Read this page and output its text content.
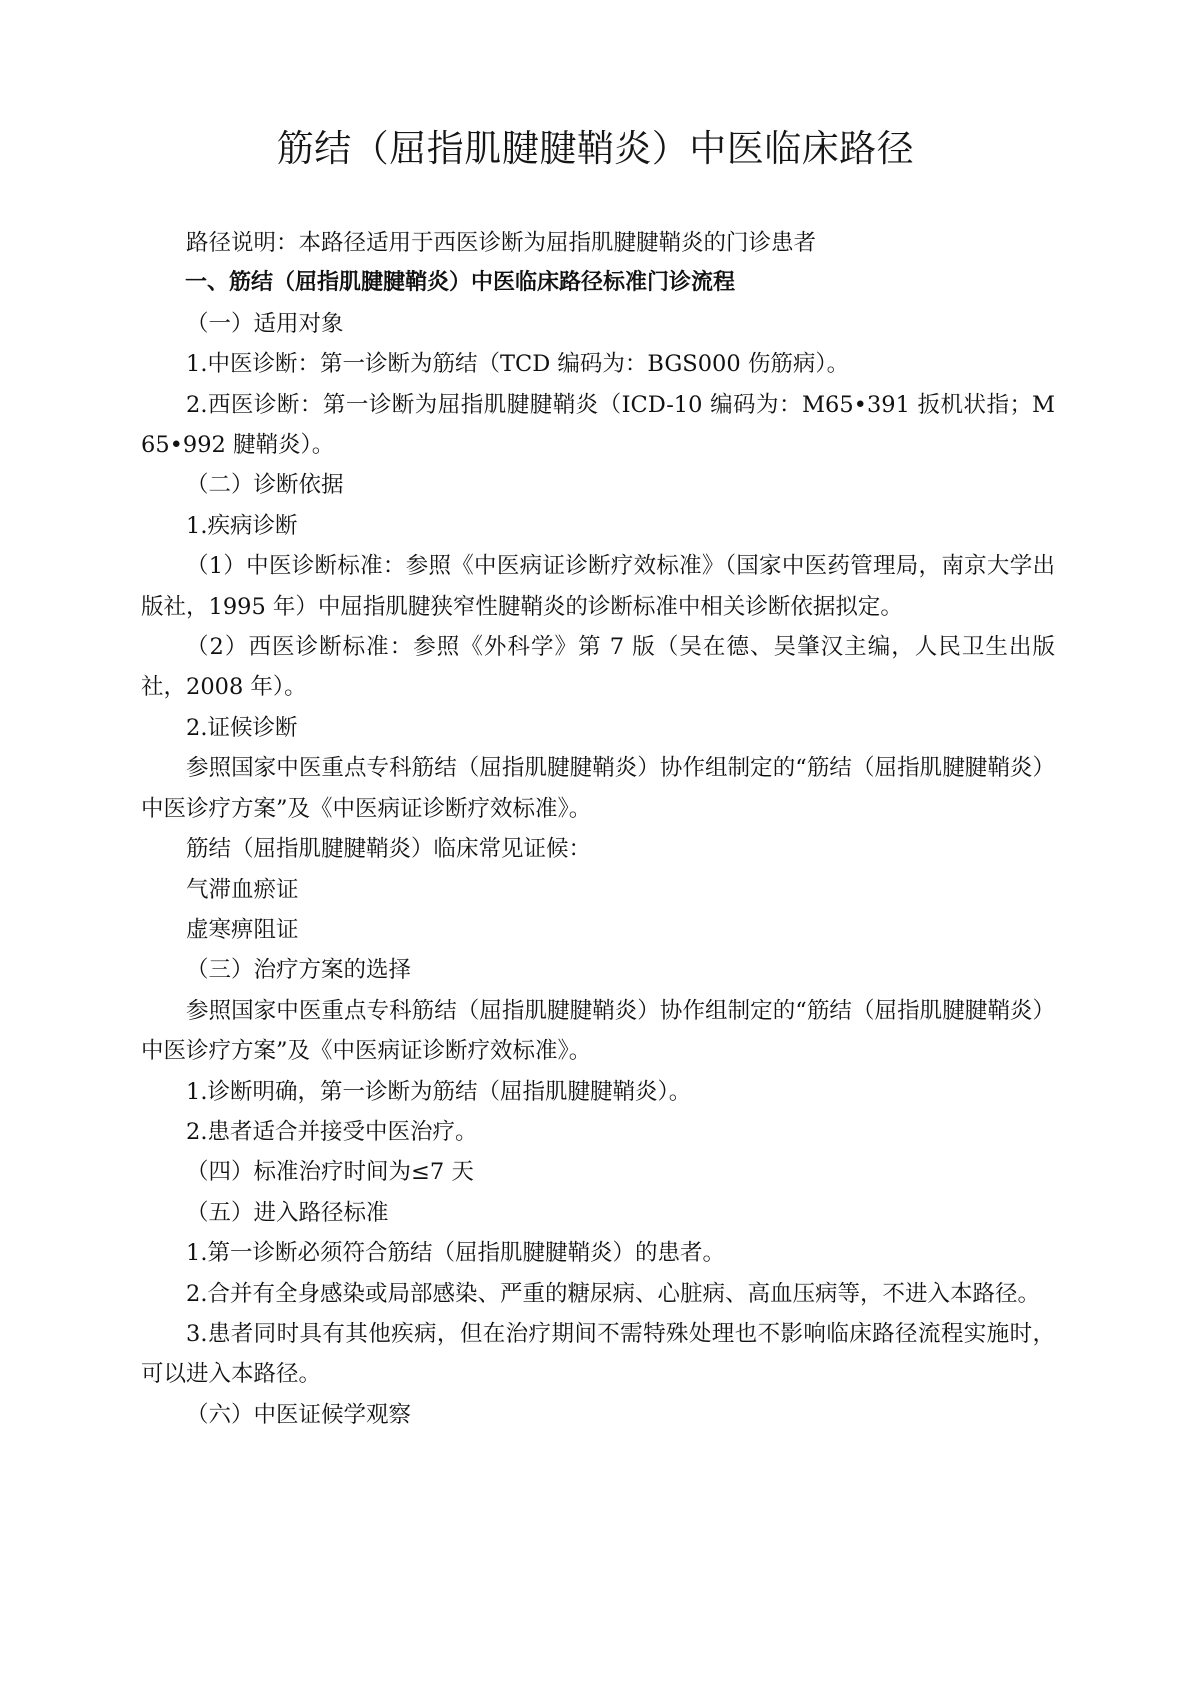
筋结（屈指肌腱腱鞘炎）中医临床路径

路径说明：本路径适用于西医诊断为屈指肌腱腱鞘炎的门诊患者

一、筋结（屈指肌腱腱鞘炎）中医临床路径标准门诊流程

（一）适用对象

1.中医诊断：第一诊断为筋结（TCD 编码为：BGS000 伤筋病）。

2.西医诊断：第一诊断为屈指肌腱腱鞘炎（ICD-10 编码为：M65•391 扳机状指；M65•992 腱鞘炎）。

（二）诊断依据

1.疾病诊断

（1）中医诊断标准：参照《中医病证诊断疗效标准》（国家中医药管理局，南京大学出版社，1995 年）中屈指肌腱狭窄性腱鞘炎的诊断标准中相关诊断依据拟定。

（2）西医诊断标准：参照《外科学》第 7 版（吴在德、吴肇汉主编，人民卫生出版社，2008 年）。

2.证候诊断

参照国家中医重点专科筋结（屈指肌腱腱鞘炎）协作组制定的“筋结（屈指肌腱腱鞘炎）中医诊疗方案”及《中医病证诊断疗效标准》。

筋结（屈指肌腱腱鞘炎）临床常见证候：

气滞血瘀证

虚寒痹阻证

（三）治疗方案的选择

参照国家中医重点专科筋结（屈指肌腱腱鞘炎）协作组制定的“筋结（屈指肌腱腱鞘炎）中医诊疗方案”及《中医病证诊断疗效标准》。

1.诊断明确，第一诊断为筋结（屈指肌腱腱鞘炎）。

2.患者适合并接受中医治疗。

（四）标准治疗时间为≤7 天

（五）进入路径标准

1.第一诊断必须符合筋结（屈指肌腱腱鞘炎）的患者。

2.合并有全身感染或局部感染、严重的糖尿病、心脏病、高血压病等，不进入本路径。

3.患者同时具有其他疾病，但在治疗期间不需特殊处理也不影响临床路径流程实施时，可以进入本路径。

（六）中医证候学观察
